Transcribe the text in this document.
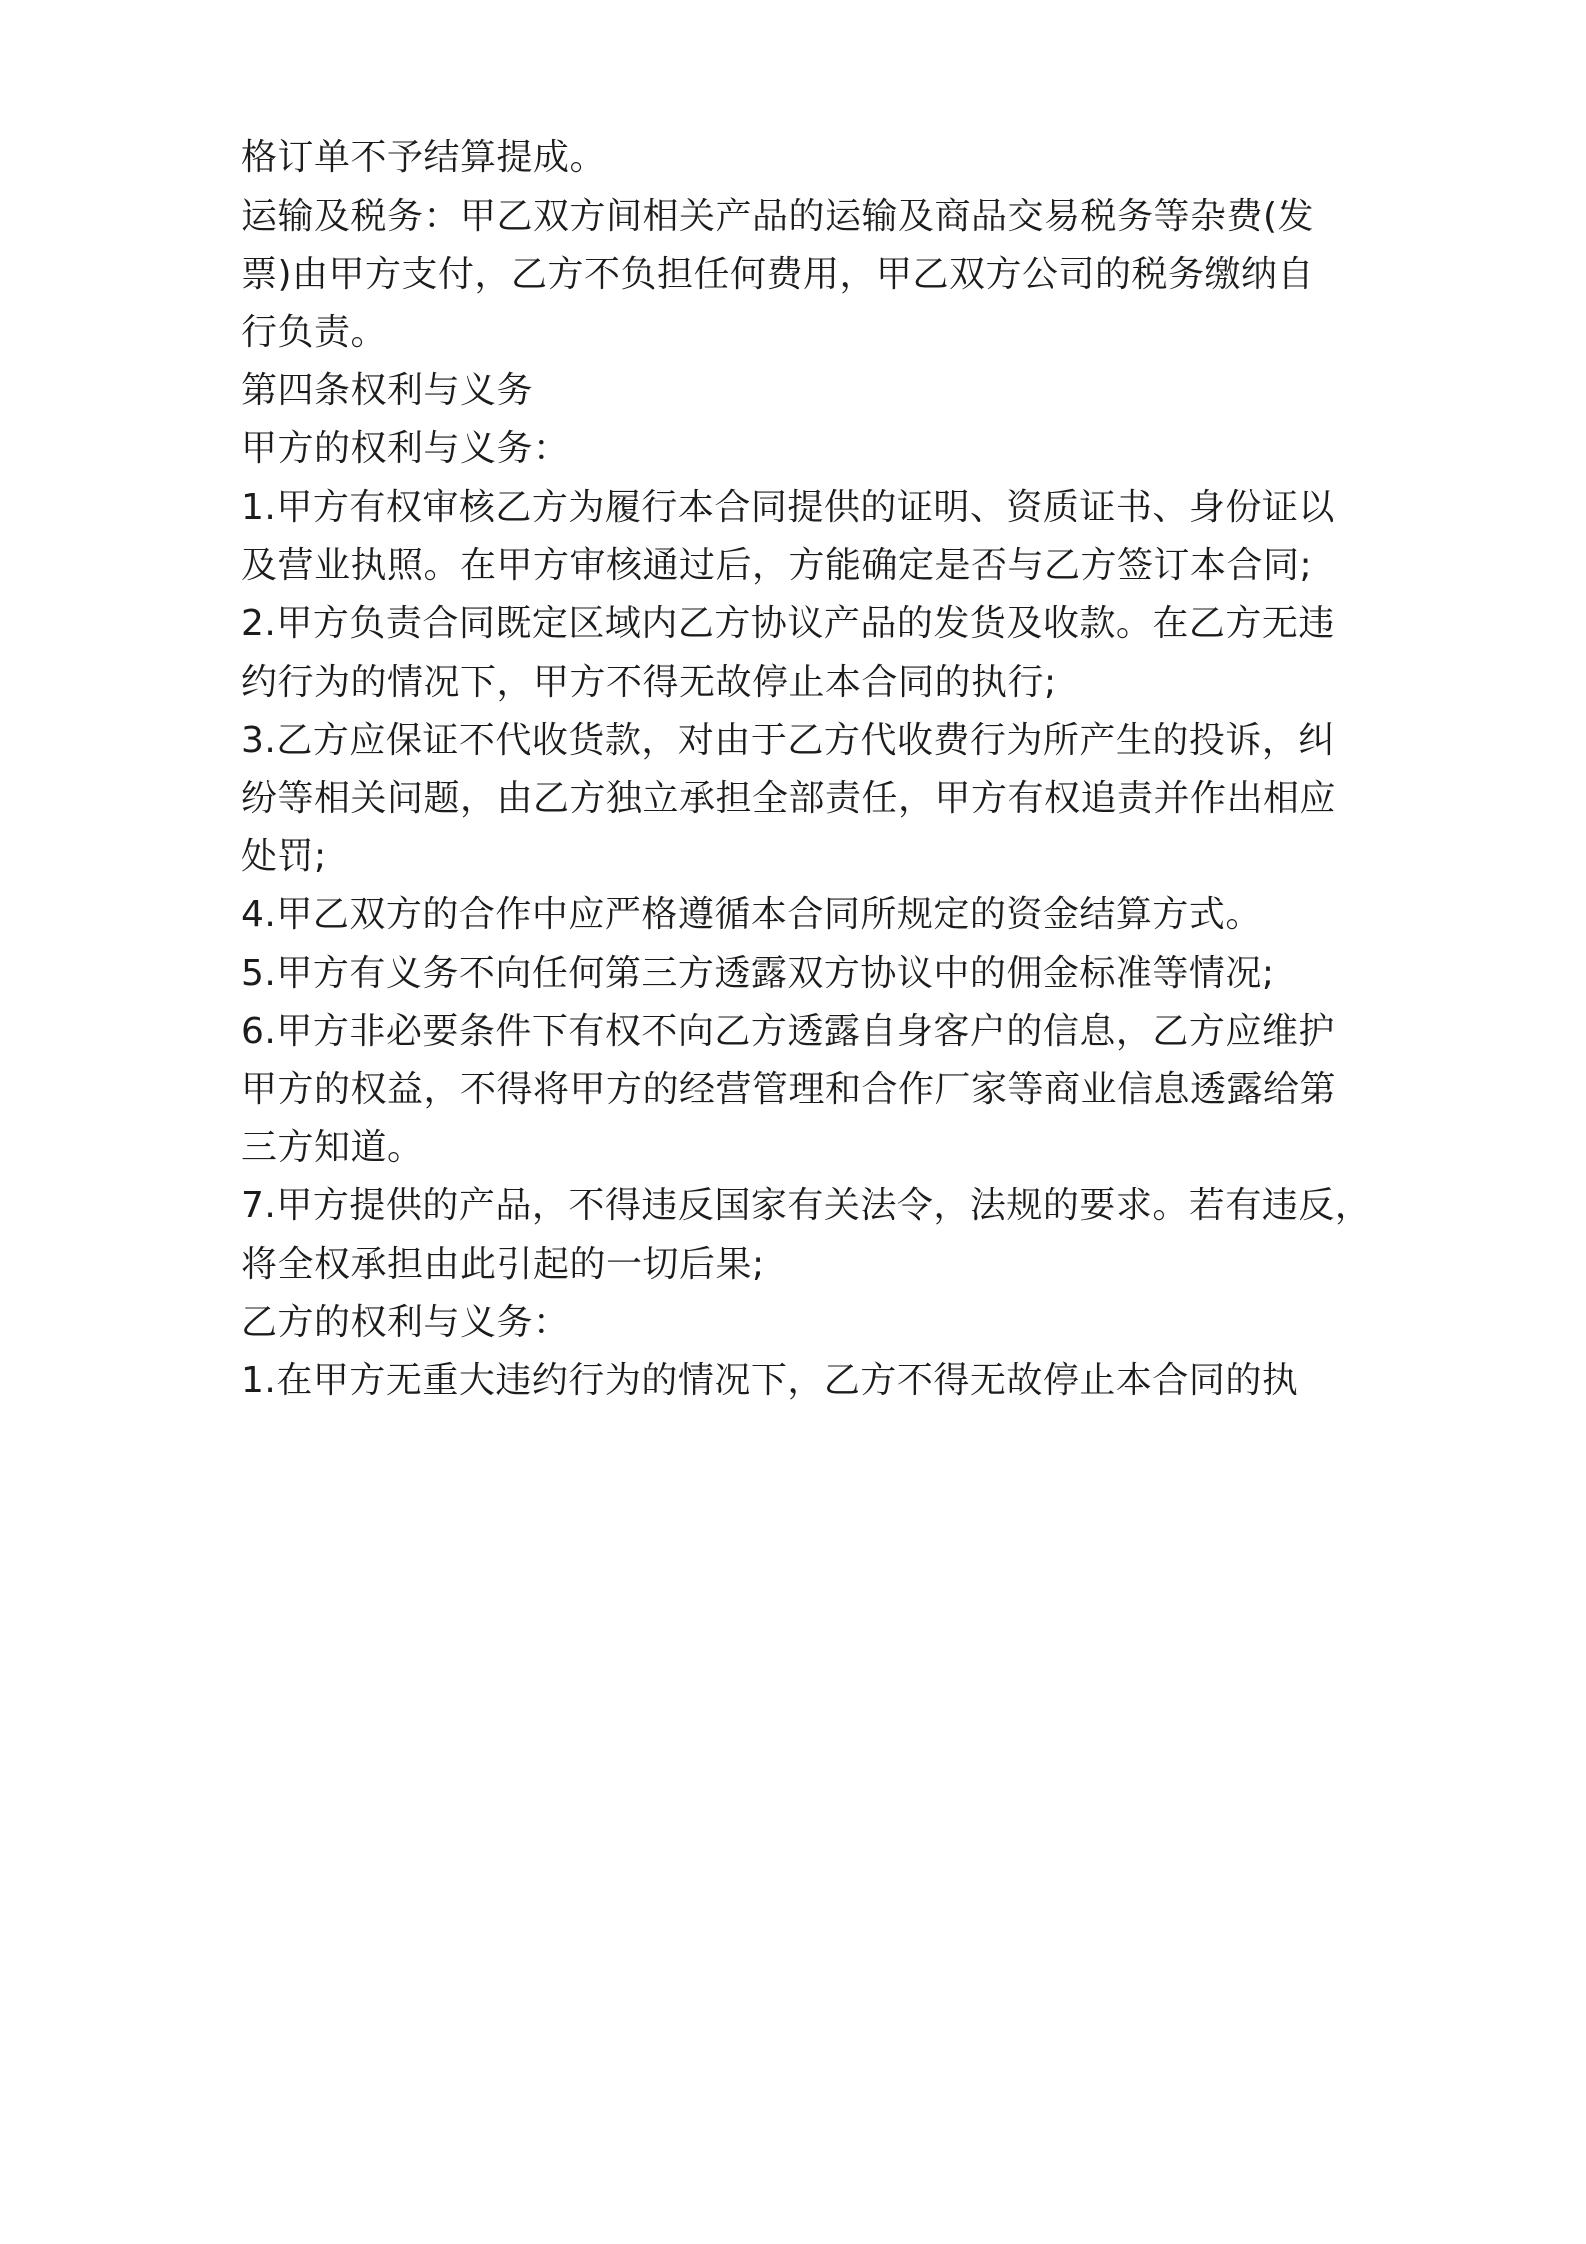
格订单不予结算提成。
运输及税务：甲乙双方间相关产品的运输及商品交易税务等杂费(发
票)由甲方支付，乙方不负担任何费用，甲乙双方公司的税务缴纳自
行负责。
第四条权利与义务
甲方的权利与义务：
1.甲方有权审核乙方为履行本合同提供的证明、资质证书、身份证以
及营业执照。在甲方审核通过后，方能确定是否与乙方签订本合同;
2.甲方负责合同既定区域内乙方协议产品的发货及收款。在乙方无违
约行为的情况下，甲方不得无故停止本合同的执行;
3.乙方应保证不代收货款，对由于乙方代收费行为所产生的投诉，纠
纷等相关问题，由乙方独立承担全部责任，甲方有权追责并作出相应
处罚;
4.甲乙双方的合作中应严格遵循本合同所规定的资金结算方式。
5.甲方有义务不向任何第三方透露双方协议中的佣金标准等情况;
6.甲方非必要条件下有权不向乙方透露自身客户的信息，乙方应维护
甲方的权益，不得将甲方的经营管理和合作厂家等商业信息透露给第
三方知道。
7.甲方提供的产品，不得违反国家有关法令，法规的要求。若有违反，
将全权承担由此引起的一切后果;
乙方的权利与义务：
1.在甲方无重大违约行为的情况下，乙方不得无故停止本合同的执
